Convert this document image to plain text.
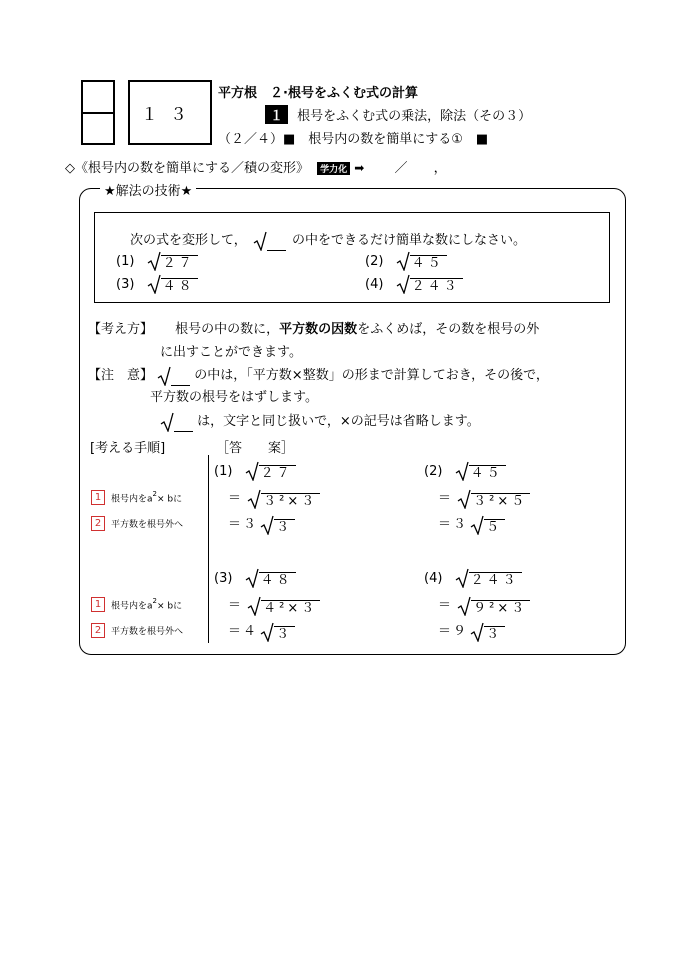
１３
平方根　２·根号をふくむ式の計算
１ 根号をふくむ式の乗法，除法（その３）
（２／４）■　根号内の数を簡単にする①　■
◇《根号内の数を簡単にする／積の変形》 学力化 ➡ ／ ，
★解法の技術★
次の式を変形して，	の中をできるだけ簡単な数にしなさい。
(1) ２７	(2) ４５
(3) ４８	(4) ２４３
【考え方】 根号の中の数に，平方数の因数をふくめば，その数を根号の外
に出すことができます。
【注　意】	の中は，「平方数×整数」の形まで計算しておき，その後で，
平方数の根号をはずします。
は，文字と同じ扱いで，×の記号は省略します。
[考える手順]	［答　　案］
1 根号内を$a^2\times b$に
2 平方数を根号外へ
1 根号内を$a^2\times b$に
2 平方数を根号外へ
(1) ２７
＝ ３²×３
＝ ３ ３
(2) ４５
＝ ３²×５
＝ ３ ５
(3) ４８
＝ ４²×３
＝ ４ ３
(4) ２４３
＝ ９²×３
＝ ９ ３
